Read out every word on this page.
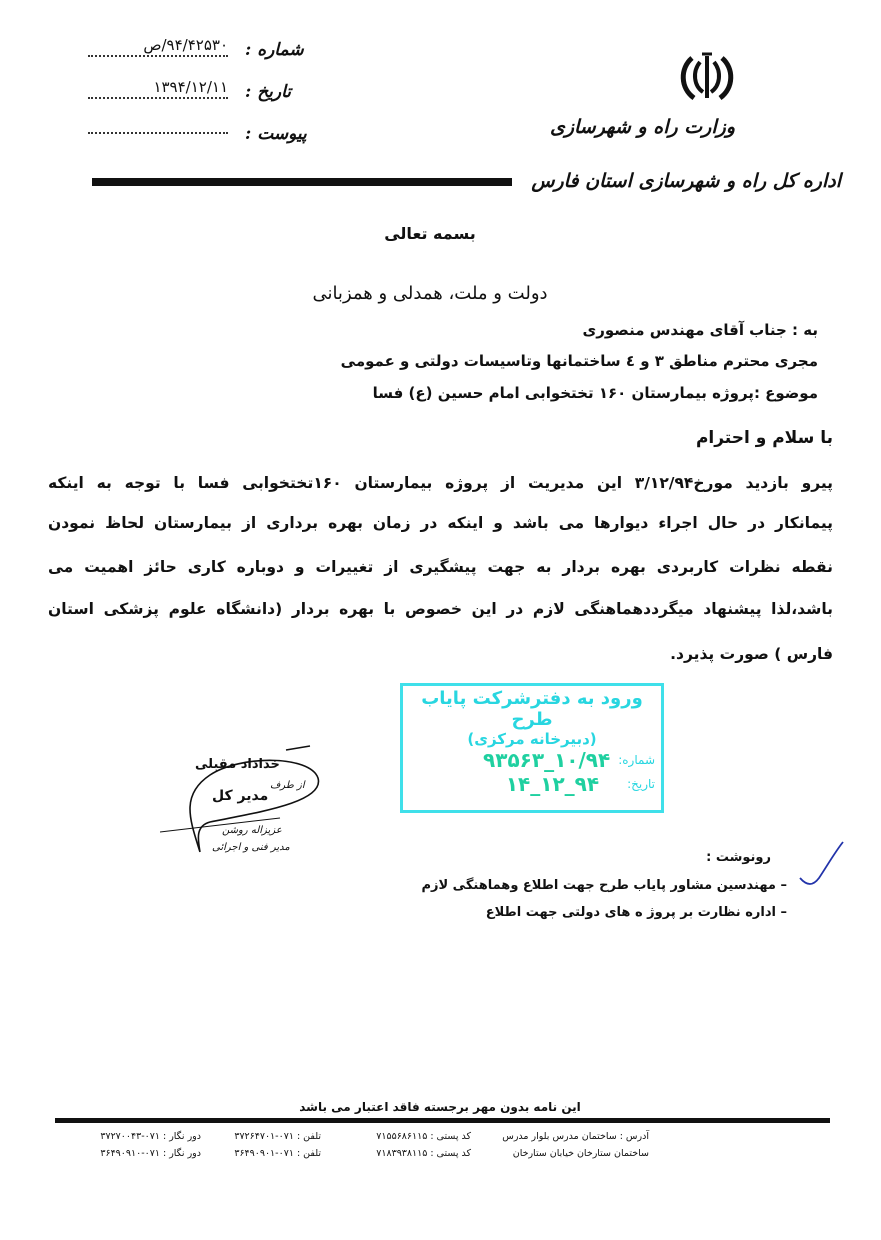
وزارت راه و شهرسازی
اداره کل راه و شهرسازی استان فارس
شماره :
۹۴/۴۲۵۳۰/ص
تاریخ :
۱۳۹۴/۱۲/۱۱
پیوست :
بسمه تعالی
دولت و ملت، همدلی و همزبانی
به : جناب آقای مهندس منصوری
مجری محترم مناطق ۳ و ٤ ساختمانها وتاسیسات دولتی و عمومی
موضوع :پروژه بیمارستان ۱۶۰ تختخوابی امام حسین (ع) فسا
با سلام و احترام
پیرو بازدید مورخ۳/۱۲/۹۴ این مدیریت از پروژه بیمارستان ۱۶۰تختخوابی فسا با توجه به اینکه
پیمانکار در حال اجراء دیوارها می باشد و اینکه در زمان بهره برداری از بیمارستان لحاظ نمودن
نقطه نظرات کاربردی بهره بردار به جهت پیشگیری از تغییرات و دوباره کاری حائز اهمیت می
باشد،لذا پیشنهاد میگرددهماهنگی لازم در این خصوص با بهره بردار (دانشگاه علوم پزشکی استان
فارس ) صورت پذیرد.
ورود به دفترشرکت پایاب طرح
(دبیرخانه مرکزی)
شماره:
۱۰/۹۴_۹۳۵۶۳
تاریخ:
۹۴_۱۲_۱۴
خداداد مقبلی
از طرف
مدیر کل
عزیزاله روشن
مدیر فنی و اجرائی
رونوشت :
– مهندسین مشاور پایاب طرح جهت اطلاع وهماهنگی لازم
– اداره نظارت بر پروژ ه های دولتی جهت اطلاع
این نامه بدون مهر برجسته فاقد اعتبار می باشد
آدرس : ساختمان مدرس بلوار مدرس
کد پستی : ۷۱۵۵۶۸۶۱۱۵
تلفن : ۰۷۱-۳۷۲۶۴۷۰۱
دور نگار : ۰۷۱-۳۷۲۷۰۰۴۳
ساختمان ستارخان خیابان ستارخان
کد پستی : ۷۱۸۳۹۳۸۱۱۵
تلفن : ۰۷۱-۳۶۴۹۰۹۰۱
دور نگار : ۰۷۱-۳۶۴۹۰۹۱۰
